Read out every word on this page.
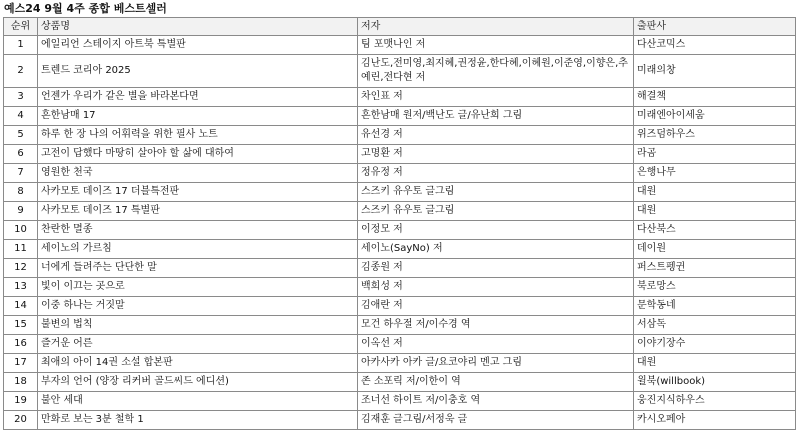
예스24 9월 4주 종합 베스트셀러
순위	상품명	저자	출판사
1	에일리언 스테이지 아트북 특별판	팀 포맷나인 저	다산코믹스
2	트렌드 코리아 2025	김난도,전미영,최지혜,권정윤,한다혜,이혜원,이준영,이향은,추예린,전다현 저	미래의창
3	언젠가 우리가 같은 별을 바라본다면	차인표 저	해결책
4	흔한남매 17	흔한남매 원저/백난도 글/유난희 그림	미래엔아이세움
5	하루 한 장 나의 어휘력을 위한 필사 노트	유선경 저	위즈덤하우스
6	고전이 답했다 마땅히 살아야 할 삶에 대하여	고명환 저	라곰
7	영원한 천국	정유정 저	은행나무
8	사카모토 데이즈 17 더블특전판	스즈키 유우토 글그림	대원
9	사카모토 데이즈 17 특별판	스즈키 유우토 글그림	대원
10	찬란한 멸종	이정모 저	다산북스
11	세이노의 가르침	세이노(SayNo) 저	데이원
12	너에게 들려주는 단단한 말	김종원 저	퍼스트펭귄
13	빛이 이끄는 곳으로	백희성 저	북로망스
14	이중 하나는 거짓말	김애란 저	문학동네
15	불변의 법칙	모건 하우절 저/이수경 역	서삼독
16	즐거운 어른	이옥선 저	이야기장수
17	최애의 아이 14권 소설 합본판	아카사카 아카 글/요코야리 멘고 그림	대원
18	부자의 언어 (양장 리커버 골드씨드 에디션)	존 소포릭 저/이한이 역	윌북(willbook)
19	불안 세대	조너선 하이트 저/이충호 역	웅진지식하우스
20	만화로 보는 3분 철학 1	김재훈 글그림/서정욱 글	카시오페아
